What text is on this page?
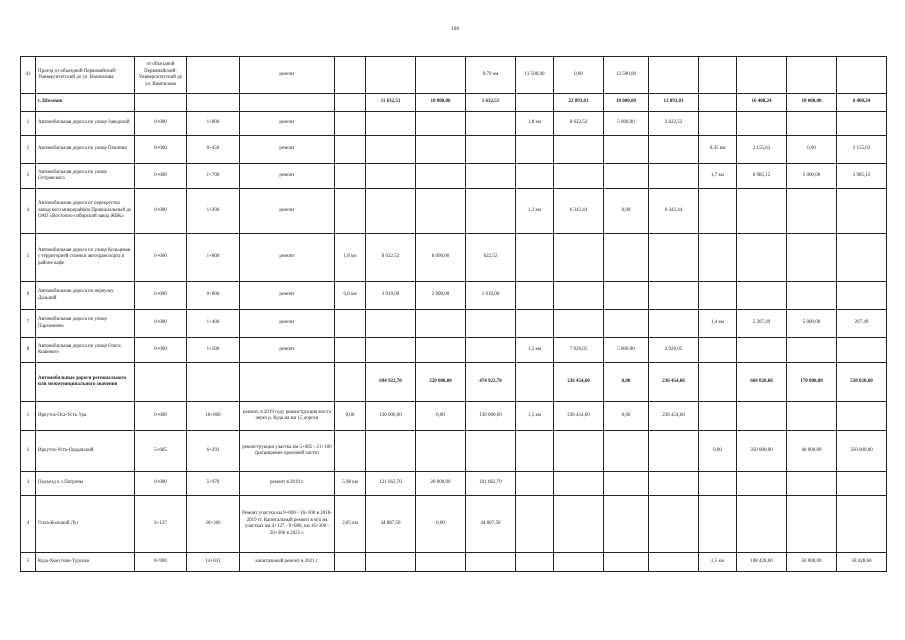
106
43	Проезд от объездной Первомайский-Университетский до ул. Вампилова	от объездной Первомайский-Университетский до ул. Вампилова		ремонт				0,79 км	13 500,00	0,00	13 500,00					
	г. Шелехов					11 632,51	10 000,00	1 632,51		22 893,01	10 000,00	12 893,01		16 408,24	10 000,00	6 408,24
1	Автомобильная дорога по улице Заводской	0+000	1+800	ремонт					1,8 км	8 622,52	5 000,00	3 622,52				
2	Автомобильная дорога по улице Пекинна	0+000	0+450	ремонт									0,45 км	2 155,63	0,00	2 155,63
3	Автомобильная дорога по улице Островского	0+000	1+700	ремонт									1,7 км	8 985,12	5 000,00	3 985,12
4	Автомобильная дорога от перекрестка заводского микрорайона Привокзальный до ОАО «Восточно-сибирский завод ЖБК»	0+000	1+200	ремонт					1,2 км	6 342,44	0,00	6 342,44				
5	Автомобильная дорога по улице Кольцевая с территорией стоянки автотранспорта в районе кафе	0+000	1+800	ремонт	1,8 км	8 622,52	8 000,00	622,52								
6	Автомобильная дорога по переулку Дальний	0+000	0+800	ремонт	0,8 км	3 010,00	2 000,00	1 010,00								
7	Автомобильная дорога по улице Пархоменко	0+000	1+400	ремонт									1,4 км	5 267,49	5 000,00	267,49
8	Автомобильная дорога по улице Олега Кошевого	0+000	1+500	ремонт					1,5 км	7 928,05	5 000,00	2 928,05				
	Автомобильные дороги регионального или межмуниципального значения					694 922,70	220 000,00	474 922,70		236 454,60	0,00	236 454,60		668 028,60	170 000,00	538 028,60
1	Иркутск-Оса-Усть-Уда	0+000	18+000	ремонт, в 2019 году реконструкция моста через р. Куда на км 15 дороги	0,00	130 000,00	0,00	130 000,00	1,5 км	236 454,60	0,00	236 454,60				
2	Иркутск-Усть-Ордынский	5+685	6+292	реконструкция участка км 5+685 - 21+100 (расширение проезжей части)									0,00	350 000,00	40 000,00	350 000,00
3	Подъезд к с.Патроны	0+000	5+978	ремонт в 2019 г.	5,98 км	121 662,70	20 000,00	101 662,70								
4	Олха-Большой Луг	4+127	20+366	Ремонт участка км 9+000 - 16+300 в 2018-2019 гг. Капитальный ремонт в м/п на участках км 4+127 - 9+000, км 16+300 - 20+366 в 2025 г.	2,85 км	44 887,50	0,00	44 887,50								
5	Куда-Хомутово-Турская	8+900	14+031	капитальный ремонт в 2021 г.									2,5 км	108 428,60	50 000,00	58 428,60
